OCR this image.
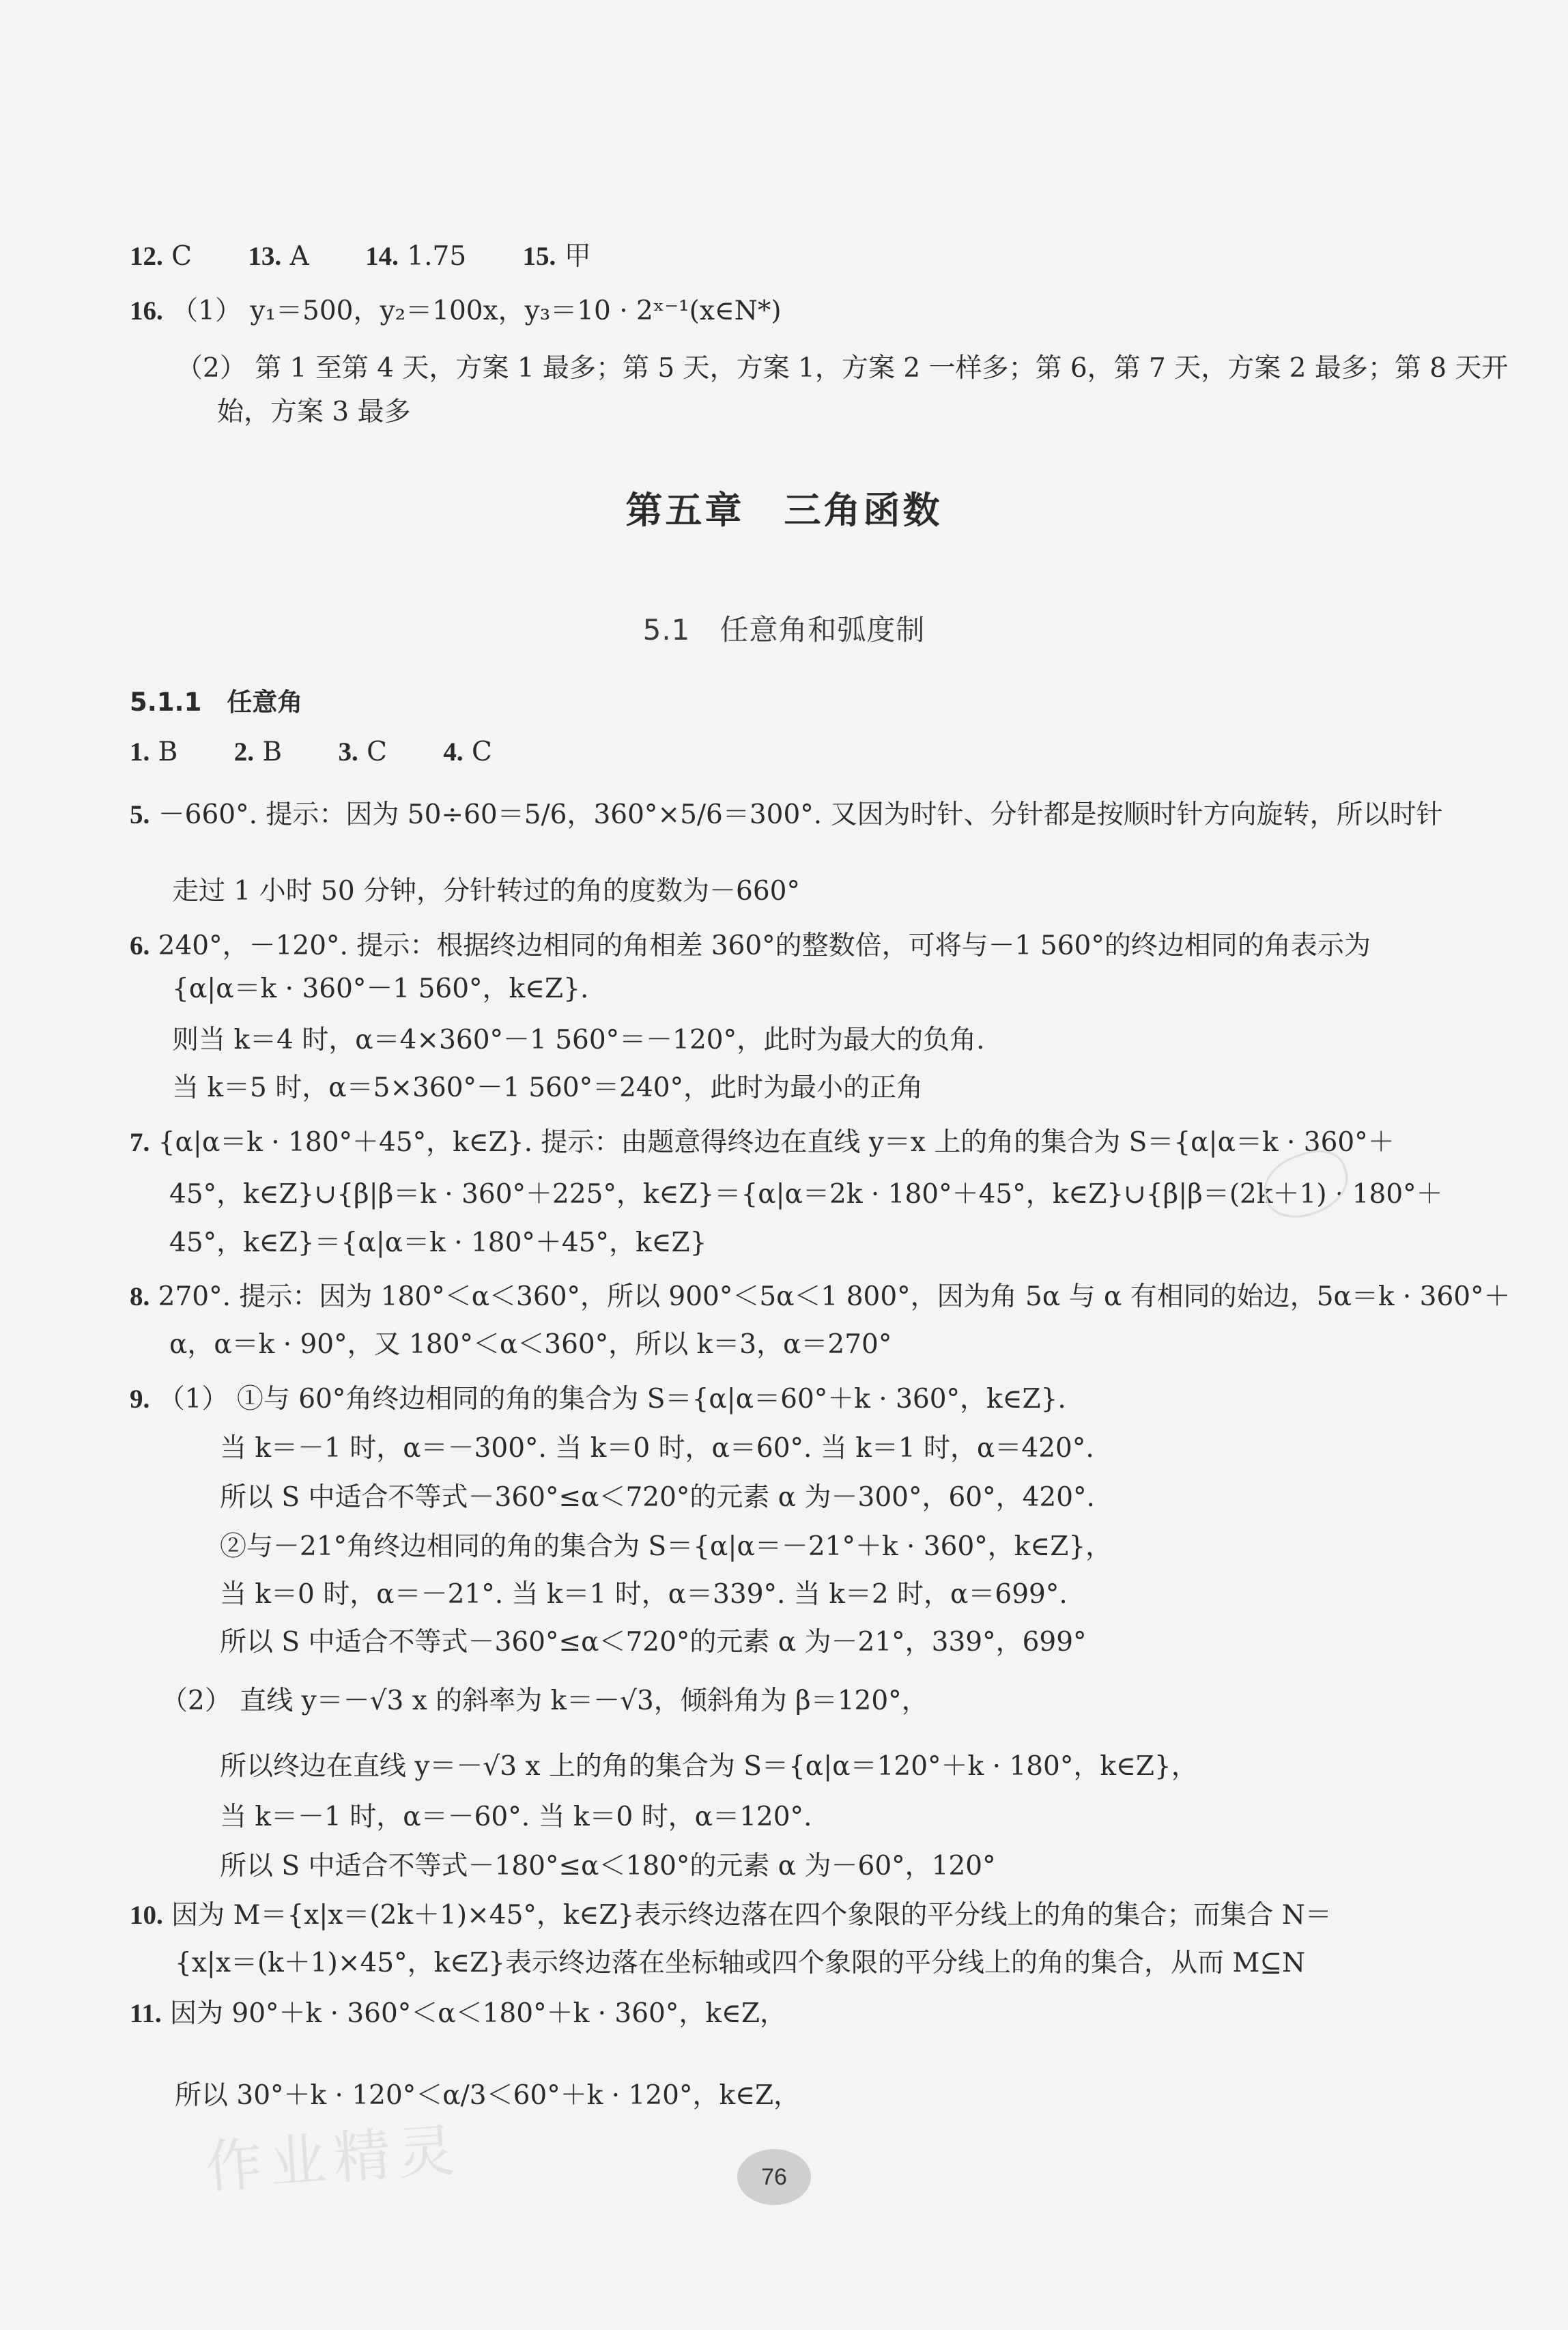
12. C 13. A 14. 1.75 15. 甲
16. （1） y₁＝500，y₂＝100x，y₃＝10 · 2ˣ⁻¹(x∈N*)
（2） 第 1 至第 4 天，方案 1 最多；第 5 天，方案 1，方案 2 一样多；第 6，第 7 天，方案 2 最多；第 8 天开
始，方案 3 最多
第五章　三角函数
5.1　任意角和弧度制
5.1.1　任意角
1. B 2. B 3. C 4. C
5. －660°. 提示：因为 50÷60＝5/6，360°×5/6＝300°. 又因为时针、分针都是按顺时针方向旋转，所以时针
走过 1 小时 50 分钟，分针转过的角的度数为－660°
6. 240°，－120°. 提示：根据终边相同的角相差 360°的整数倍，可将与－1 560°的终边相同的角表示为
{α|α＝k · 360°－1 560°，k∈Z}.
则当 k＝4 时，α＝4×360°－1 560°＝－120°，此时为最大的负角.
当 k＝5 时，α＝5×360°－1 560°＝240°，此时为最小的正角
7. {α|α＝k · 180°＋45°，k∈Z}. 提示：由题意得终边在直线 y＝x 上的角的集合为 S＝{α|α＝k · 360°＋
45°，k∈Z}∪{β|β＝k · 360°＋225°，k∈Z}＝{α|α＝2k · 180°＋45°，k∈Z}∪{β|β＝(2k＋1) · 180°＋
45°，k∈Z}＝{α|α＝k · 180°＋45°，k∈Z}
8. 270°. 提示：因为 180°＜α＜360°，所以 900°＜5α＜1 800°，因为角 5α 与 α 有相同的始边，5α＝k · 360°＋
α，α＝k · 90°，又 180°＜α＜360°，所以 k＝3，α＝270°
9. （1） ①与 60°角终边相同的角的集合为 S＝{α|α＝60°＋k · 360°，k∈Z}.
当 k＝－1 时，α＝－300°. 当 k＝0 时，α＝60°. 当 k＝1 时，α＝420°.
所以 S 中适合不等式－360°≤α＜720°的元素 α 为－300°，60°，420°.
②与－21°角终边相同的角的集合为 S＝{α|α＝－21°＋k · 360°，k∈Z}，
当 k＝0 时，α＝－21°. 当 k＝1 时，α＝339°. 当 k＝2 时，α＝699°.
所以 S 中适合不等式－360°≤α＜720°的元素 α 为－21°，339°，699°
（2） 直线 y＝－√3 x 的斜率为 k＝－√3，倾斜角为 β＝120°，
所以终边在直线 y＝－√3 x 上的角的集合为 S＝{α|α＝120°＋k · 180°，k∈Z}，
当 k＝－1 时，α＝－60°. 当 k＝0 时，α＝120°.
所以 S 中适合不等式－180°≤α＜180°的元素 α 为－60°，120°
10. 因为 M＝{x|x＝(2k＋1)×45°，k∈Z}表示终边落在四个象限的平分线上的角的集合；而集合 N＝
{x|x＝(k＋1)×45°，k∈Z}表示终边落在坐标轴或四个象限的平分线上的角的集合，从而 M⊆N
11. 因为 90°＋k · 360°＜α＜180°＋k · 360°，k∈Z，
所以 30°＋k · 120°＜α/3＜60°＋k · 120°，k∈Z，
作业精灵	76
